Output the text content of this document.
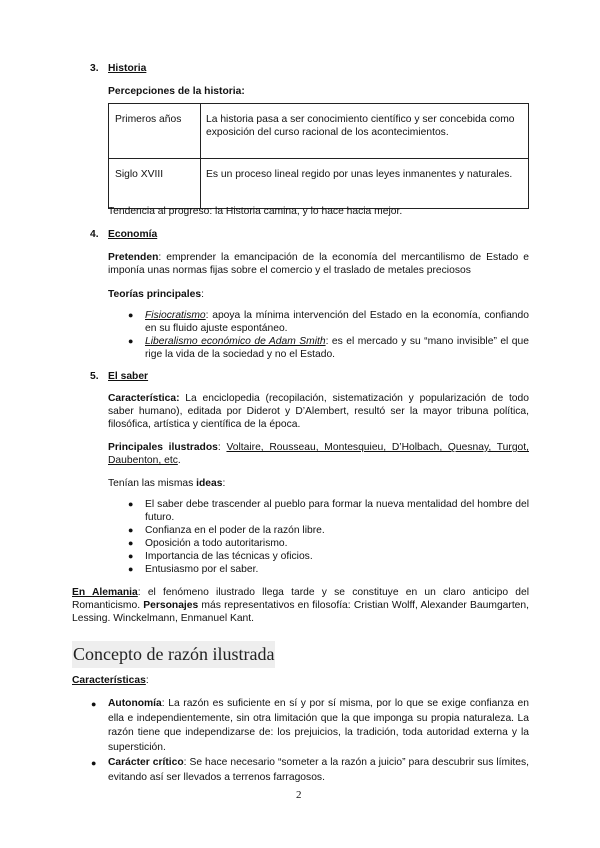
3. Historia
Percepciones de la historia:
Primeros años	La historia pasa a ser conocimiento científico y ser concebida como exposición del curso racional de los acontecimientos.
Siglo XVIII	Es un proceso lineal regido por unas leyes inmanentes y naturales.
Tendencia al progreso: la Historia camina, y lo hace hacia mejor.
4. Economía
Pretenden: emprender la emancipación de la economía del mercantilismo de Estado e imponía unas normas fijas sobre el comercio y el traslado de metales preciosos
Teorías principales:
● Fisiocratismo: apoya la mínima intervención del Estado en la economía, confiando en su fluido ajuste espontáneo.
● Liberalismo económico de Adam Smith: es el mercado y su “mano invisible” el que rige la vida de la sociedad y no el Estado.
5. El saber
Característica: La enciclopedia (recopilación, sistematización y popularización de todo saber humano), editada por Diderot y D’Alembert, resultó ser la mayor tribuna política, filosófica, artística y científica de la época.
Principales ilustrados: Voltaire, Rousseau, Montesquieu, D’Holbach, Quesnay, Turgot, Daubenton, etc.
Tenían las mismas ideas:
● El saber debe trascender al pueblo para formar la nueva mentalidad del hombre del futuro.
● Confianza en el poder de la razón libre.
● Oposición a todo autoritarismo.
● Importancia de las técnicas y oficios.
● Entusiasmo por el saber.
En Alemania: el fenómeno ilustrado llega tarde y se constituye en un claro anticipo del Romanticismo. Personajes más representativos en filosofía: Cristian Wolff, Alexander Baumgarten, Lessing. Winckelmann, Enmanuel Kant.
Concepto de razón ilustrada
Características:
● Autonomía: La razón es suficiente en sí y por sí misma, por lo que se exige confianza en ella e independientemente, sin otra limitación que la que imponga su propia naturaleza. La razón tiene que independizarse de: los prejuicios, la tradición, toda autoridad externa y la superstición.
● Carácter crítico: Se hace necesario “someter a la razón a juicio” para descubrir sus límites, evitando así ser llevados a terrenos farragosos.
2
